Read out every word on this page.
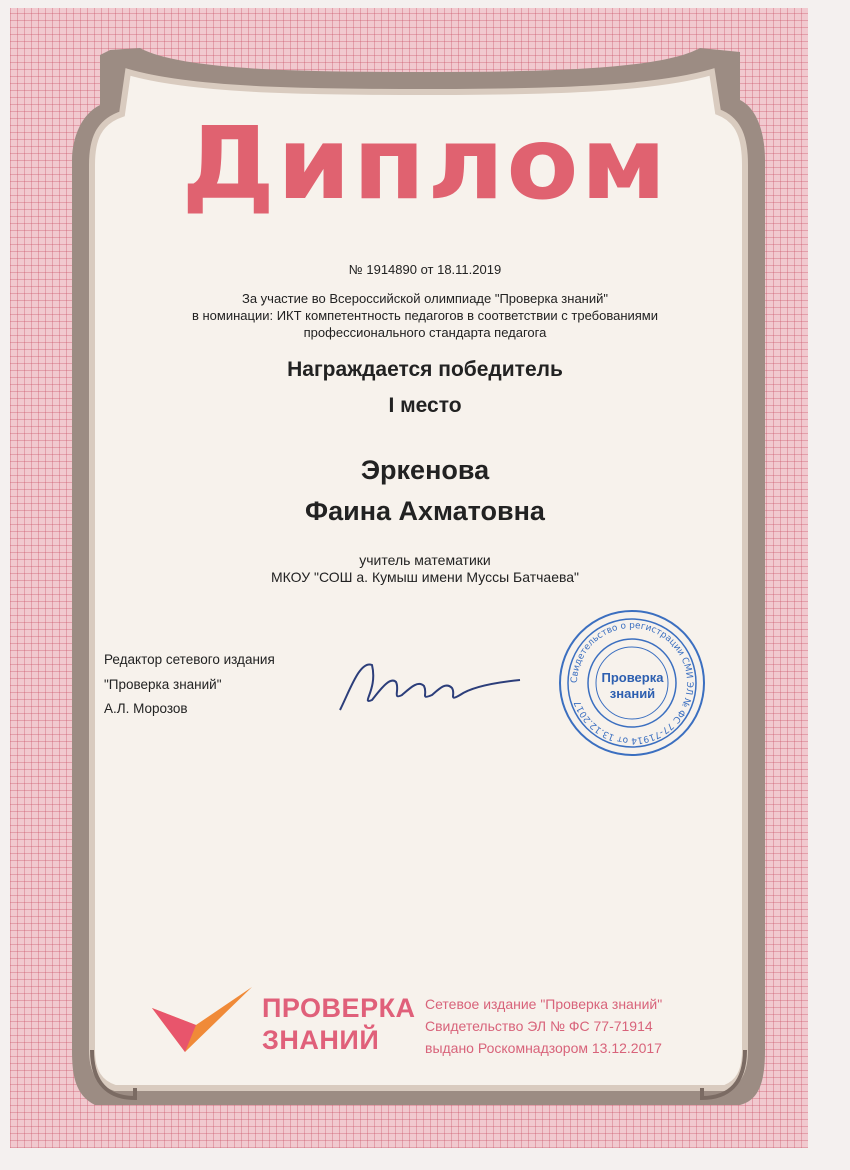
Диплом
№ 1914890 от 18.11.2019
За участие во Всероссийской олимпиаде "Проверка знаний"
в номинации: ИКТ компетентность педагогов в соответствии с требованиями
профессионального стандарта педагога
Награждается победитель
I место
Эркенова
Фаина Ахматовна
учитель математики
МКОУ "СОШ а. Кумыш имени Муссы Батчаева"
Редактор сетевого издания
"Проверка знаний"
А.Л. Морозов
Свидетельство о регистрации СМИ ЭЛ № ФС 77-71914 от 13.12.2017
Проверка
знаний
ПРОВЕРКА
ЗНАНИЙ
Сетевое издание "Проверка знаний"
Свидетельство ЭЛ № ФС 77-71914
выдано Роскомнадзором 13.12.2017
